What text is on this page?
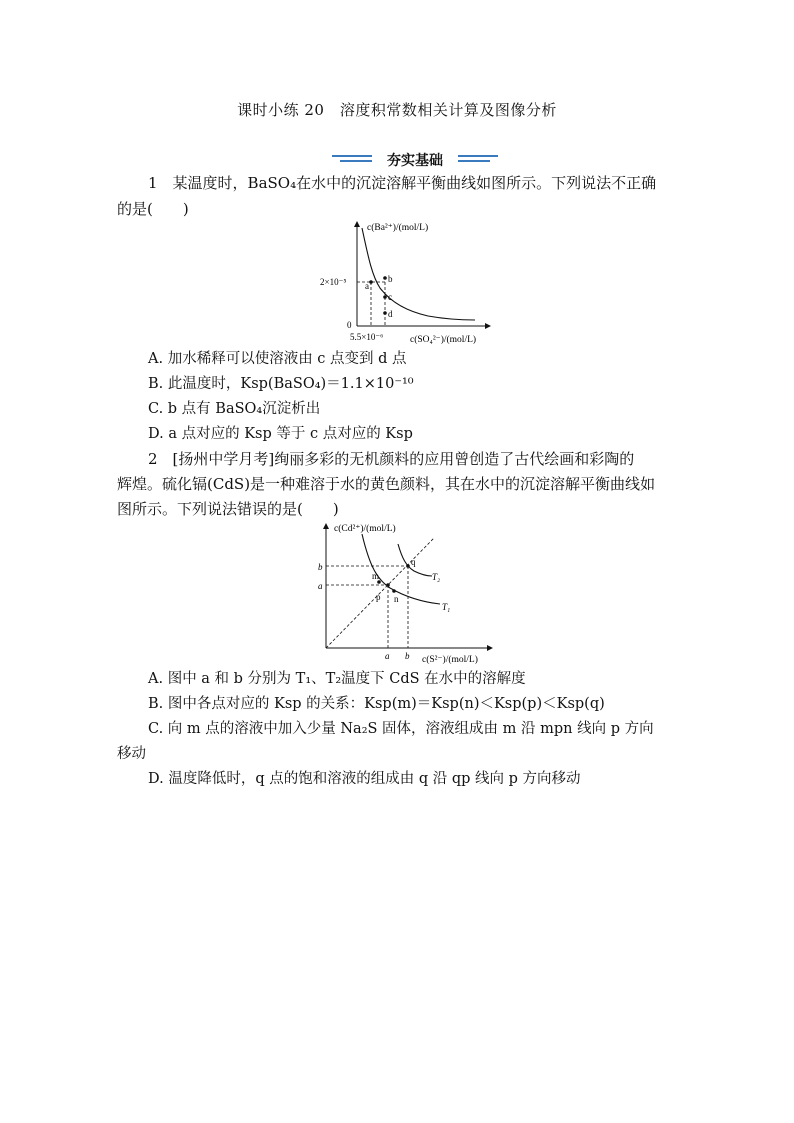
课时小练 20　溶度积常数相关计算及图像分析
夯实基础
1　某温度时，BaSO₄在水中的沉淀溶解平衡曲线如图所示。下列说法不正确
的是(　　)
c(Ba²⁺)/(mol/L)
c(SO₄²⁻)/(mol/L)
0
2×10⁻⁵
5.5×10⁻⁶
a
b
c
d
A. 加水稀释可以使溶液由 c 点变到 d 点
B. 此温度时，Ksp(BaSO₄)＝1.1×10⁻¹⁰
C. b 点有 BaSO₄沉淀析出
D. a 点对应的 Ksp 等于 c 点对应的 Ksp
2　[扬州中学月考]绚丽多彩的无机颜料的应用曾创造了古代绘画和彩陶的
辉煌。硫化镉(CdS)是一种难溶于水的黄色颜料，其在水中的沉淀溶解平衡曲线如
图所示。下列说法错误的是(　　)
c(Cd²⁺)/(mol/L)
c(S²⁻)/(mol/L)
b
a
a b
m
q
p n
T₂
T₁
A. 图中 a 和 b 分别为 T₁、T₂温度下 CdS 在水中的溶解度
B. 图中各点对应的 Ksp 的关系：Ksp(m)＝Ksp(n)＜Ksp(p)＜Ksp(q)
C. 向 m 点的溶液中加入少量 Na₂S 固体，溶液组成由 m 沿 mpn 线向 p 方向
移动
D. 温度降低时，q 点的饱和溶液的组成由 q 沿 qp 线向 p 方向移动
